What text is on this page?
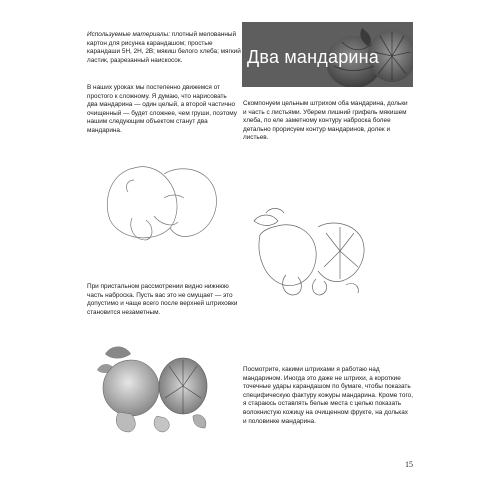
Используемые материалы: плотный мелованный картон для рисунка карандашом; простые карандаши 5H, 2H, 2B; мякиш белого хлеба; мягкий ластик, разрезанный наискосок.

В наших уроках мы постепенно движемся от простого к сложному. Я думаю, что нарисовать два мандарина — один целый, а второй частично очищенный — будет сложнее, чем груши, поэтому нашим следующим объектом станут два мандарина.

Два мандарина

Скомпонуем цельным штрихом оба мандарина, дольки и часть с листьями. Уберем лишний грифель мякишем хлеба, по еле заметному контуру наброска более детально прорисуем контур мандаринов, долек и листьев.

При пристальном рассмотрении видно нижнюю часть наброска. Пусть вас это не смущает — это допустимо и чаще всего после верхней штриховки становится незаметным.

Посмотрите, какими штрихами я работаю над мандарином. Иногда это даже не штрихи, а короткие точечные удары карандашом по бумаге, чтобы показать специфическую фактуру кожуры мандарина. Кроме того, я стараюсь оставлять белые места с целью показать волокнистую кожицу на очищенном фрукте, на дольках и половинке мандарина.

15
